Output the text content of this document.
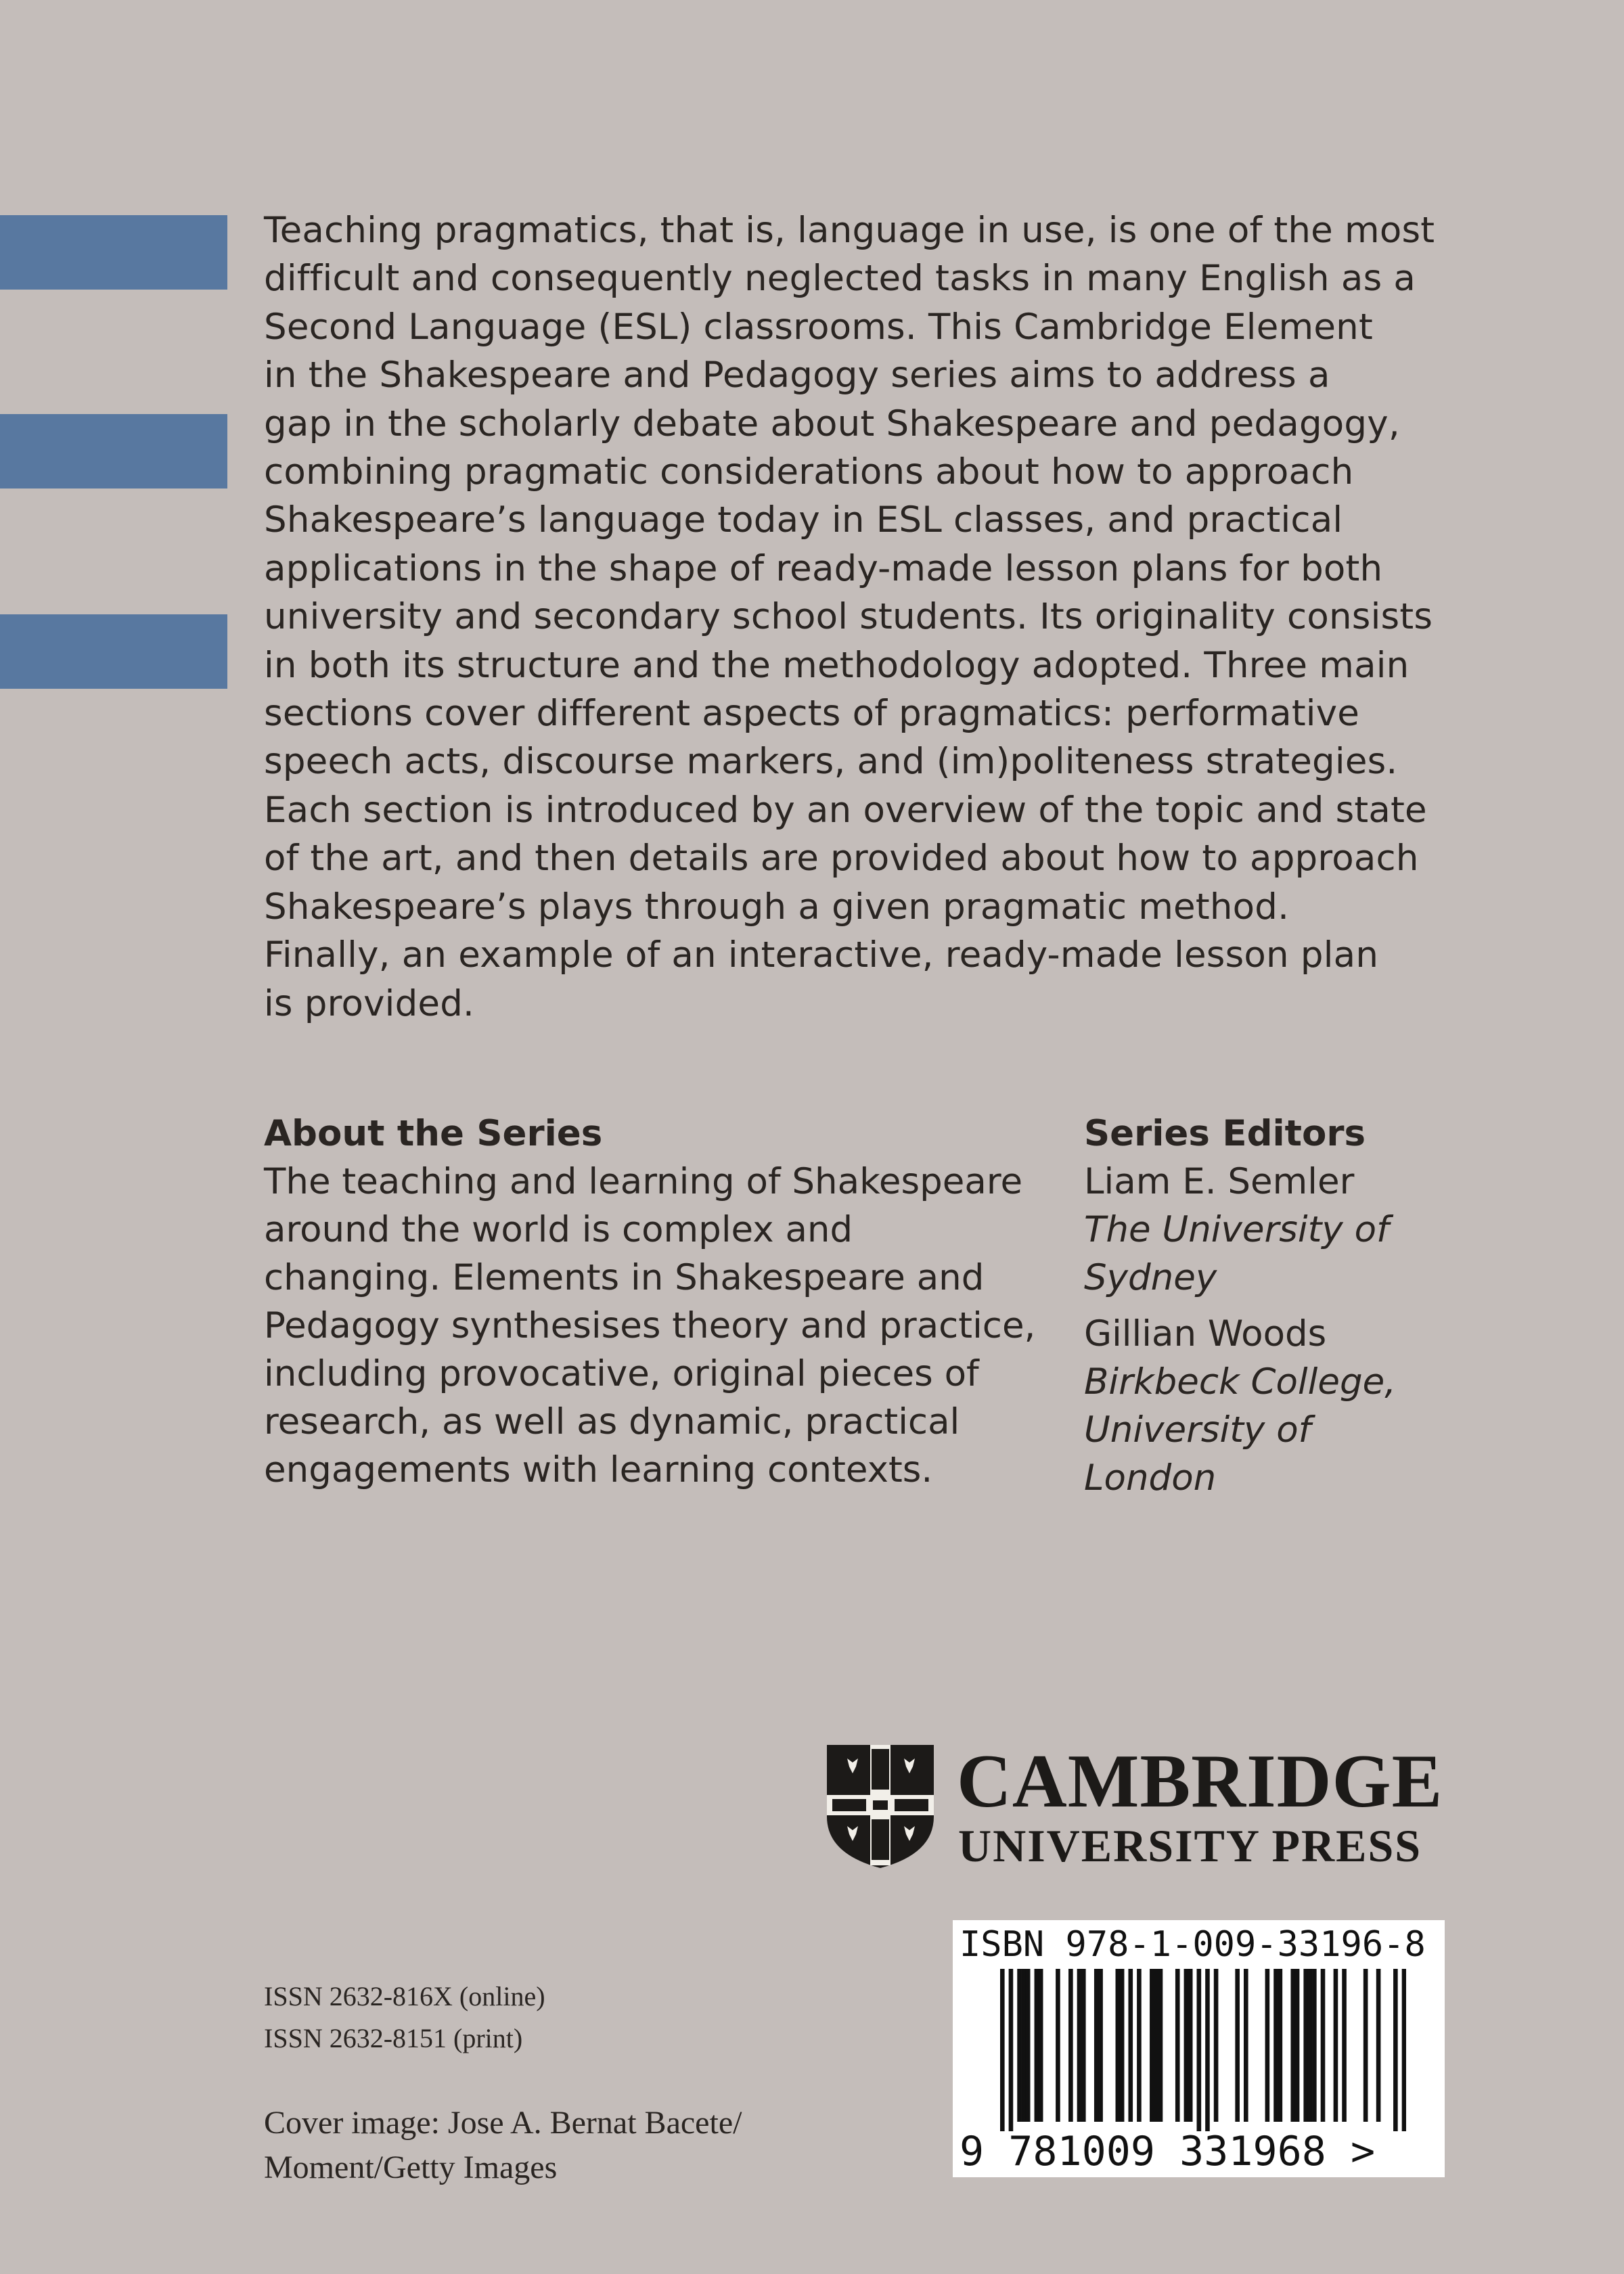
Teaching pragmatics, that is, language in use, is one of the most
difficult and consequently neglected tasks in many English as a
Second Language (ESL) classrooms. This Cambridge Element
in the Shakespeare and Pedagogy series aims to address a
gap in the scholarly debate about Shakespeare and pedagogy,
combining pragmatic considerations about how to approach
Shakespeare’s language today in ESL classes, and practical
applications in the shape of ready-made lesson plans for both
university and secondary school students. Its originality consists
in both its structure and the methodology adopted. Three main
sections cover different aspects of pragmatics: performative
speech acts, discourse markers, and (im)politeness strategies.
Each section is introduced by an overview of the topic and state
of the art, and then details are provided about how to approach
Shakespeare’s plays through a given pragmatic method.
Finally, an example of an interactive, ready-made lesson plan
is provided.

About the Series
The teaching and learning of Shakespeare
around the world is complex and
changing. Elements in Shakespeare and
Pedagogy synthesises theory and practice,
including provocative, original pieces of
research, as well as dynamic, practical
engagements with learning contexts.
Series Editors
Liam E. Semler
The University of
Sydney
Gillian Woods
Birkbeck College,
University of
London
CAMBRIDGE
UNIVERSITY PRESS
ISBN 978-1-009-33196-8
9 781009 331968 >
ISSN 2632-816X (online)
ISSN 2632-8151 (print)
Cover image: Jose A. Bernat Bacete/
Moment/Getty Images
